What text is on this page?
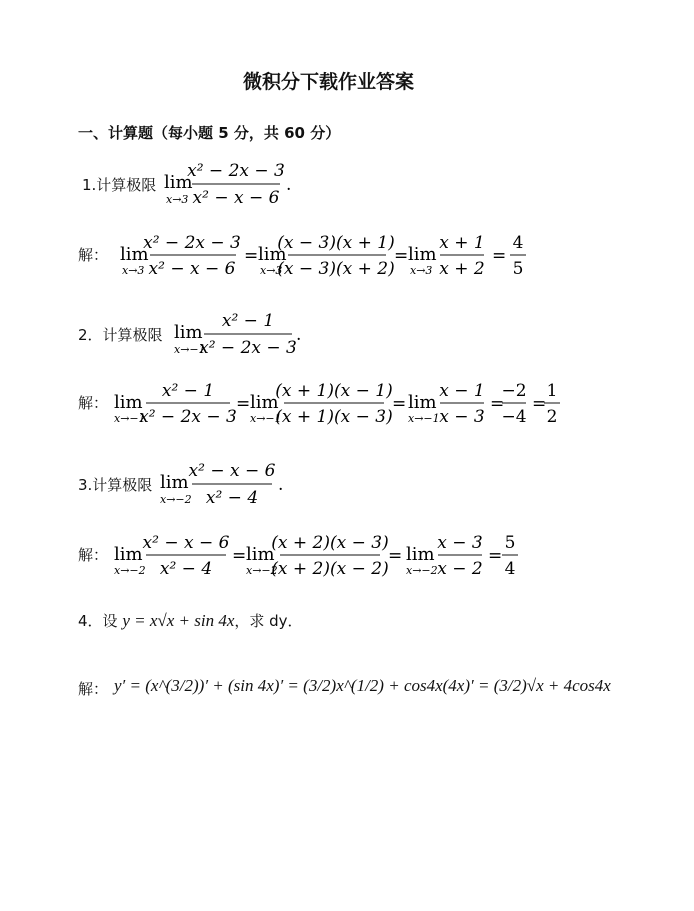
微积分下载作业答案
一、计算题（每小题 5 分，共 60 分）
1.计算极限 lim
x→3
x² − 2x − 3
x² − x − 6
.
解： lim
x→3
x² − 2x − 3
x² − x − 6
= lim
x→3
(x − 3)(x + 1)
(x − 3)(x + 2)
= lim
x→3
x + 1
x + 2
=
4
5
2．计算极限 lim
x→−1
x² − 1
x² − 2x − 3
.
解： lim
x→−1
x² − 1
x² − 2x − 3
= lim
x→−1
(x + 1)(x − 1)
(x + 1)(x − 3)
= lim
x→−1
x − 1
x − 3
=
−2
−4
=
1
2
3.计算极限 lim
x→−2
x² − x − 6
x² − 4
.
解： lim
x→−2
x² − x − 6
x² − 4
= lim
x→−2
(x + 2)(x − 3)
(x + 2)(x − 2)
= lim
x→−2
x − 3
x − 2
=
5
4
4．设 y = x√x + sin 4x，求 dy．
解： y′ = (x^(3/2))′ + (sin 4x)′ = (3/2)x^(1/2) + cos4x(4x)′ = (3/2)√x + 4cos4x
